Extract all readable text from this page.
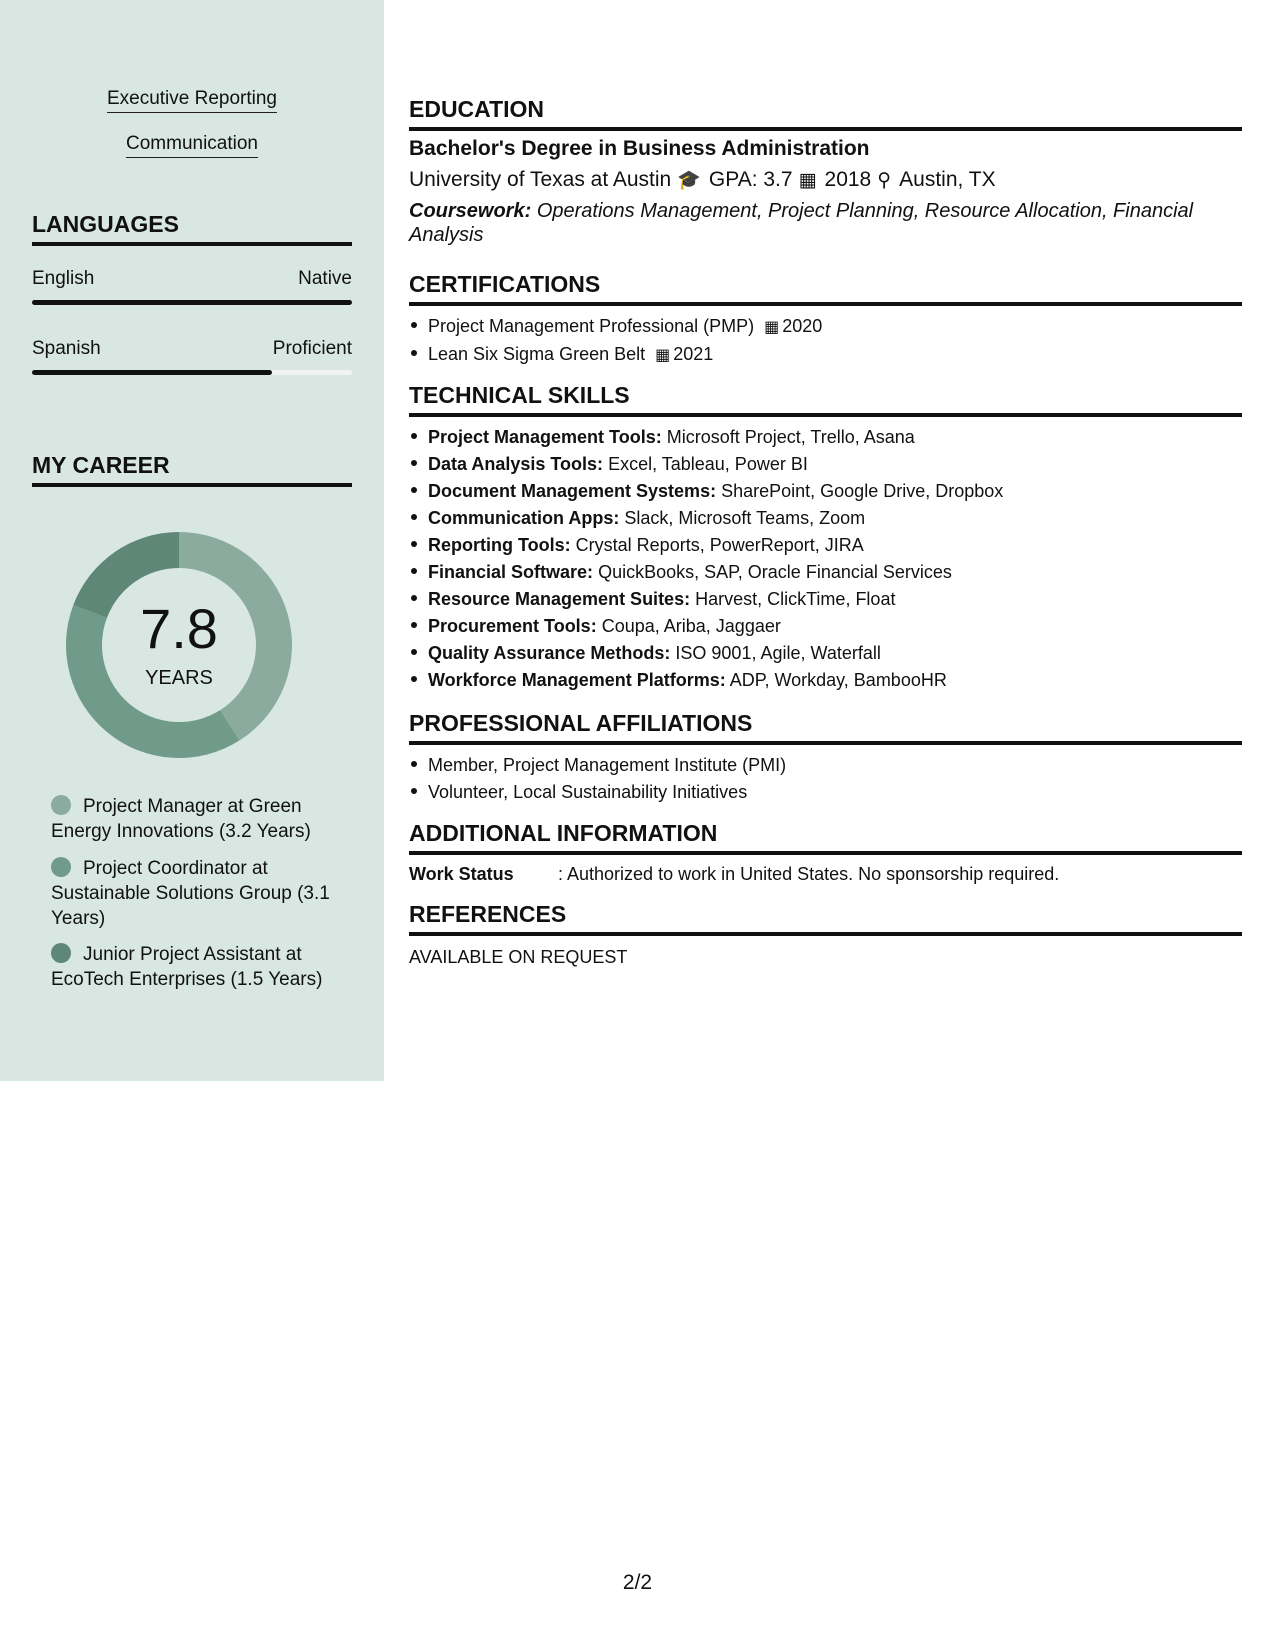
Executive Reporting
Communication
LANGUAGES
English	Native
Spanish	Proficient
MY CAREER
7.8
YEARS
Project Manager at Green Energy Innovations (3.2 Years)
Project Coordinator at Sustainable Solutions Group (3.1 Years)
Junior Project Assistant at EcoTech Enterprises (1.5 Years)
EDUCATION
Bachelor's Degree in Business Administration
University of Texas at Austin 🎓 GPA: 3.7 ▦ 2018 ⚲ Austin, TX
Coursework: Operations Management, Project Planning, Resource Allocation, Financial Analysis
CERTIFICATIONS
Project Management Professional (PMP) ▦ 2020
Lean Six Sigma Green Belt ▦ 2021
TECHNICAL SKILLS
Project Management Tools: Microsoft Project, Trello, Asana
Data Analysis Tools: Excel, Tableau, Power BI
Document Management Systems: SharePoint, Google Drive, Dropbox
Communication Apps: Slack, Microsoft Teams, Zoom
Reporting Tools: Crystal Reports, PowerReport, JIRA
Financial Software: QuickBooks, SAP, Oracle Financial Services
Resource Management Suites: Harvest, ClickTime, Float
Procurement Tools: Coupa, Ariba, Jaggaer
Quality Assurance Methods: ISO 9001, Agile, Waterfall
Workforce Management Platforms: ADP, Workday, BambooHR
PROFESSIONAL AFFILIATIONS
Member, Project Management Institute (PMI)
Volunteer, Local Sustainability Initiatives
ADDITIONAL INFORMATION
Work Status : Authorized to work in United States. No sponsorship required.
REFERENCES
AVAILABLE ON REQUEST
2/2
